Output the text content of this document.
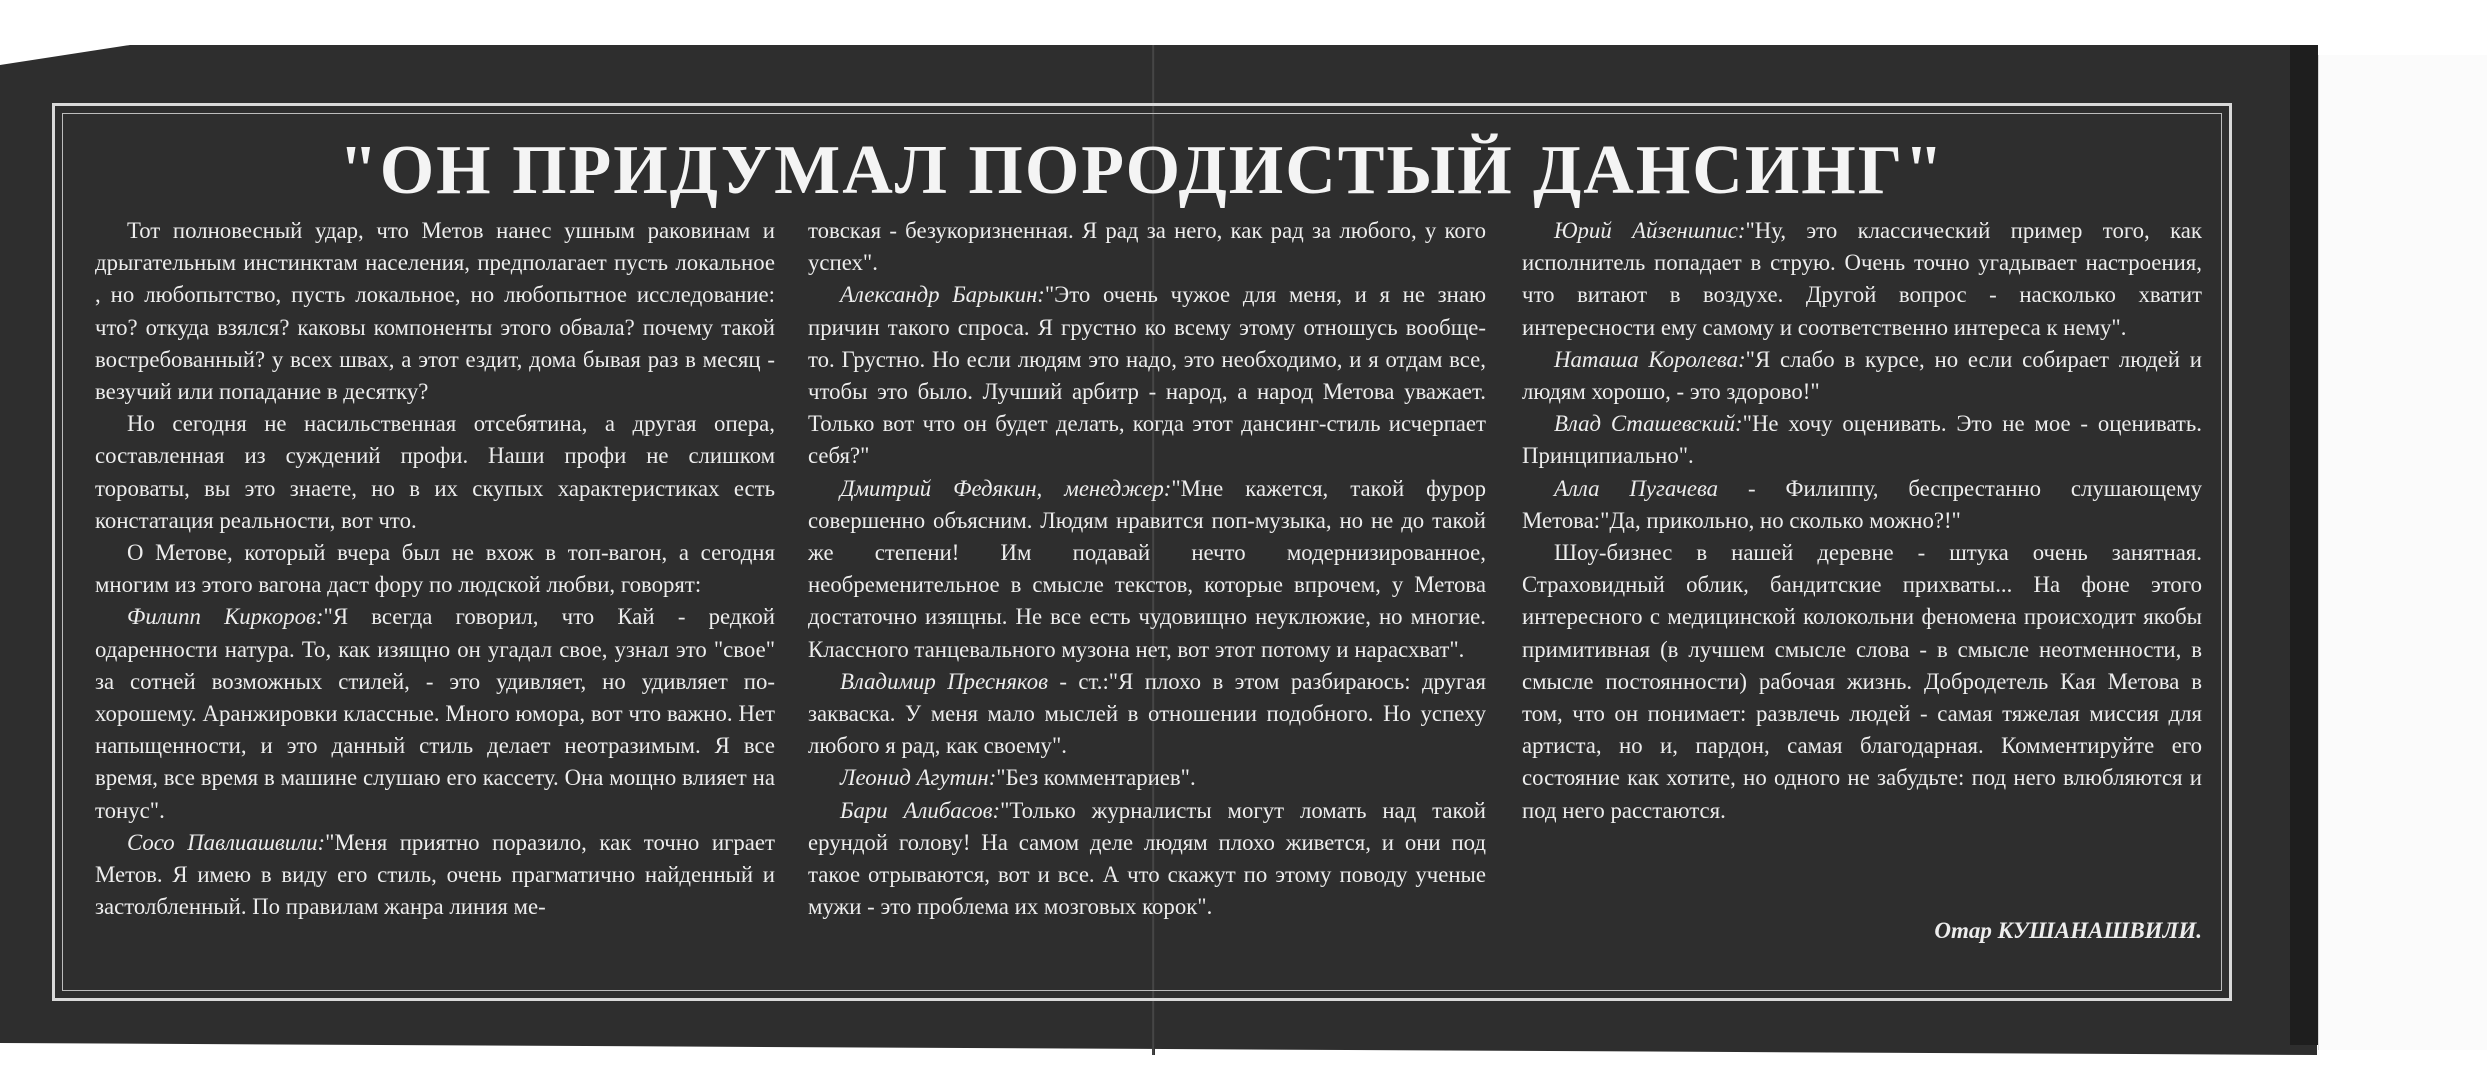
"ОН ПРИДУМАЛ ПОРОДИСТЫЙ ДАНСИНГ"

Тот полновесный удар, что Метов нанес ушным раковинам и дрыгательным инстинктам населения, предполагает пусть локальное , но любопытство, пусть локальное, но любопытное исследование: что? откуда взялся? каковы компоненты этого обвала? почему такой востребованный? у всех швах, а этот ездит, дома бывая раз в месяц - везучий или попадание в десятку?

Но сегодня не насильственная отсебятина, а другая опера, составленная из суждений профи. Наши профи не слишком тороваты, вы это знаете, но в их скупых характеристиках есть констатация реальности, вот что.

О Метове, который вчера был не вхож в топ-вагон, а сегодня многим из этого вагона даст фору по людской любви, говорят:

Филипп Киркоров:"Я всегда говорил, что Кай - редкой одаренности натура. То, как изящно он угадал свое, узнал это "свое" за сотней возможных стилей, - это удивляет, но удивляет по-хорошему. Аранжировки классные. Много юмора, вот что важно. Нет напыщенности, и это данный стиль делает неотразимым. Я все время, все время в машине слушаю его кассету. Она мощно влияет на тонус".

Сосо Павлиашвили:"Меня приятно поразило, как точно играет Метов. Я имею в виду его стиль, очень прагматично найденный и застолбленный. По правилам жанра линия ме-

товская - безукоризненная. Я рад за него, как рад за любого, у кого успех".

Александр Барыкин:"Это очень чужое для меня, и я не знаю причин такого спроса. Я грустно ко всему этому отношусь вообще-то. Грустно. Но если людям это надо, это необходимо, и я отдам все, чтобы это было. Лучший арбитр - народ, а народ Метова уважает. Только вот что он будет делать, когда этот дансинг-стиль исчерпает себя?"

Дмитрий Федякин, менеджер:"Мне кажется, такой фурор совершенно объясним. Людям нравится поп-музыка, но не до такой же степени! Им подавай нечто модернизированное, необременительное в смысле текстов, которые впрочем, у Метова достаточно изящны. Не все есть чудовищно неуклюжие, но многие. Классного танцевального музона нет, вот этот потому и нарасхват".

Владимир Пресняков - ст.:"Я плохо в этом разбираюсь: другая закваска. У меня мало мыслей в отношении подобного. Но успеху любого я рад, как своему".

Леонид Агутин:"Без комментариев".

Бари Алибасов:"Только журналисты могут ломать над такой ерундой голову! На самом деле людям плохо живется, и они под такое отрываются, вот и все. А что скажут по этому поводу ученые мужи - это проблема их мозговых корок".

Юрий Айзеншпис:"Ну, это классический пример того, как исполнитель попадает в струю. Очень точно угадывает настроения, что витают в воздухе. Другой вопрос - насколько хватит интересности ему самому и соответственно интереса к нему".

Наташа Королева:"Я слабо в курсе, но если собирает людей и людям хорошо, - это здорово!"

Влад Сташевский:"Не хочу оценивать. Это не мое - оценивать. Принципиально".

Алла Пугачева - Филиппу, беспрестанно слушающему Метова:"Да, прикольно, но сколько можно?!"

Шоу-бизнес в нашей деревне - штука очень занятная. Страховидный облик, бандитские прихваты... На фоне этого интересного с медицинской колокольни феномена происходит якобы примитивная (в лучшем смысле слова - в смысле неотменности, в смысле постоянности) рабочая жизнь. Добродетель Кая Метова в том, что он понимает: развлечь людей - самая тяжелая миссия для артиста, но и, пардон, самая благодарная. Комментируйте его состояние как хотите, но одного не забудьте: под него влюбляются и под него расстаются.

Отар КУШАНАШВИЛИ.
